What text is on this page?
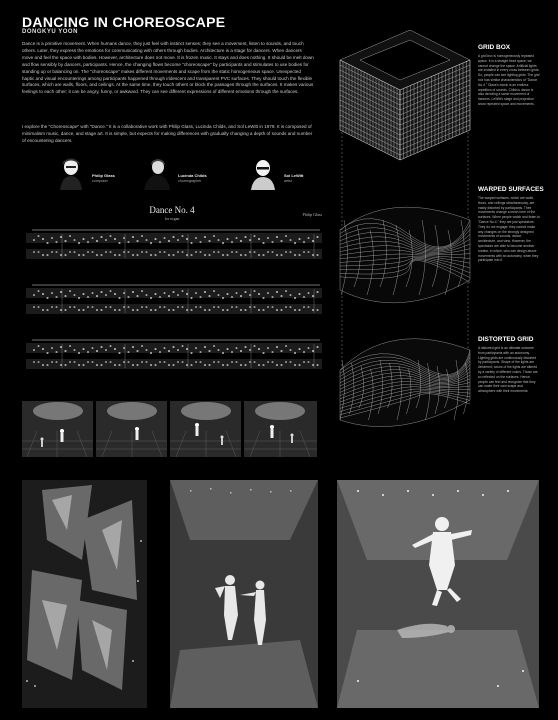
DANCING IN CHOREOSCAPE
DONGKYU YOON
Dance is a primitive movement. When humans dance, they just feel with instinct senses; they see a movement, listen to sounds, and touch others. Later, they express the emotions for communicating with others through bodies. Architecture is a stage for dancers. When dancers move and feel the space with bodies. However, architecture does not move. It is frozen music. It stays and does nothing. It should be melt down and flow sensibly by dancers, participants. Hence, the changing flows become "choreoscape" by participants and stimulates to use bodies for standing up or balancing on. The "choreoscape" makes different movements and scape from the static homogeneous space. Unexpected haptic and visual encounterings among participants happened through iridescent and transparent PVC surfaces. They should touch the flexible surfaces, which are walls, floors, and ceilings. At the same time, they touch others or block the passages through the surfaces. It makes various feelings to each other; it can be angry, funny, or awkward. They can see different expressions of different emotions through the surfaces.
I explore the "Choreoscape" with "Dance." It is a collaborative work with Philip Glass, Lucinda Childs, and Sol LeWitt in 1979. It is composed of minimalism music, dance, and stage art. It is simple, but expects for making differences with gradually changing a depth of sounds and number of encountering dancers.
Philip Glass
composer
Lucinda Childs
choreographer
Sol LeWitt
artist
Dance No. 4
for organ
Philip Glass
GRID BOX
A grid box is homogeneously repeated space. It is a straight fixed space; we cannot change the space. Artificial lights are installed in every cross between grids. So, people can see lighting grids. The grid box has similar characteristics of "Dance No.4." Glass's music is an endless repetition of sounds. Childs's dance is also denoting a same movement of dancers. LeWitt's stage and projection show repeated space and movements.
WARPED SURFACES
The warped surfaces, which are walls, floors, and ceilings simultaneously, are easily distorted by participants. Their movements change a mesh form of the surfaces. When people watch and listen to "Dance No.4," they are just spectators. They do not engage; they cannot make any changes on the strongly designed movements of sounds, dance, architecture, and view. However, the spectators are able to become another creator, in which, who can design above movements with an autonomy, when they participate into it.
DISTORTED GRID
A distorted grid is an ultimate outcome from participants with an autonomy. Lighting grids are continuously distorted by participants. Shape of the lights are deformed; colors of the lights are altered by a variety of different colors. Those are so reflected on the surfaces. Hence, people can feel and recognize that they can make their own scape and atmosphere with their movements.
